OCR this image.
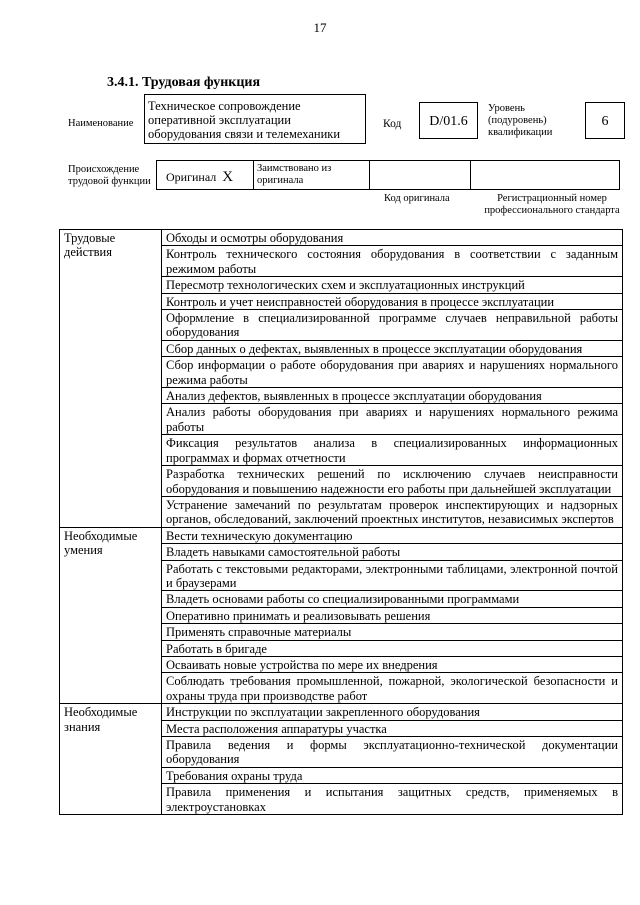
17
3.4.1. Трудовая функция
Наименование
Техническое сопровождение оперативной эксплуатации оборудования связи и телемеханики
Код	D/01.6
Уровень
(подуровень)
квалификации
6
Происхождение
трудовой функции	Оригинал X
Заимствовано из
оригинала
Код оригинала	Регистрационный номер
профессионального стандарта
Трудовые действия	Обходы и осмотры оборудования
	Контроль технического состояния оборудования в соответствии с заданным режимом работы
	Пересмотр технологических схем и эксплуатационных инструкций
	Контроль и учет неисправностей оборудования в процессе эксплуатации
	Оформление в специализированной программе случаев неправильной работы оборудования
	Сбор данных о дефектах, выявленных в процессе эксплуатации оборудования
	Сбор информации о работе оборудования при авариях и нарушениях нормального режима работы
	Анализ дефектов, выявленных в процессе эксплуатации оборудования
	Анализ работы оборудования при авариях и нарушениях нормального режима работы
	Фиксация результатов анализа в специализированных информационных программах и формах отчетности
	Разработка технических решений по исключению случаев неисправности оборудования и повышению надежности его работы при дальнейшей эксплуатации
	Устранение замечаний по результатам проверок инспектирующих и надзорных органов, обследований, заключений проектных институтов, независимых экспертов
Необходимые умения	Вести техническую документацию
	Владеть навыками самостоятельной работы
	Работать с текстовыми редакторами, электронными таблицами, электронной почтой и браузерами
	Владеть основами работы со специализированными программами
	Оперативно принимать и реализовывать решения
	Применять справочные материалы
	Работать в бригаде
	Осваивать новые устройства по мере их внедрения
	Соблюдать требования промышленной, пожарной, экологической безопасности и охраны труда при производстве работ
Необходимые знания	Инструкции по эксплуатации закрепленного оборудования
	Места расположения аппаратуры участка
	Правила ведения и формы эксплуатационно-технической документации оборудования
	Требования охраны труда
	Правила применения и испытания защитных средств, применяемых в электроустановках
